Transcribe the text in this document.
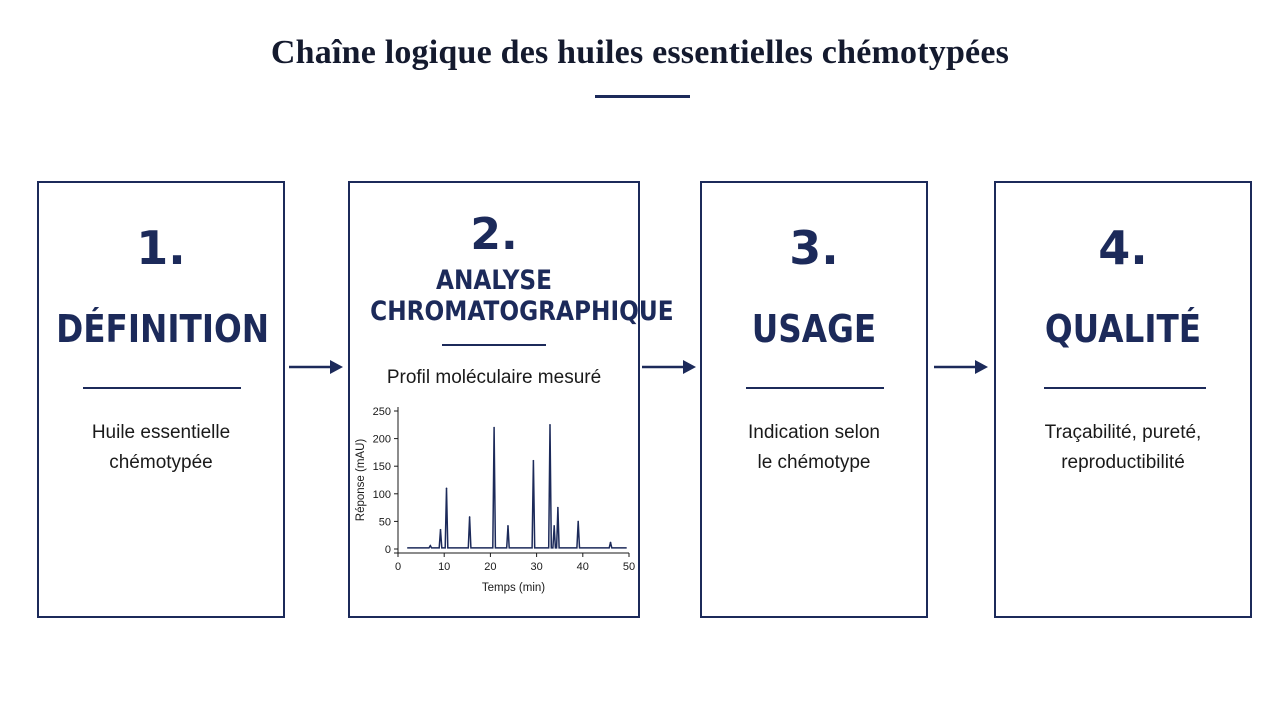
Chaîne logique des huiles essentielles chémotypées
1.
DÉFINITION
Huile essentielle
chémotypée
2.
ANALYSE
CHROMATOGRAPHIQUE
Profil moléculaire mesuré
0
50
100
150
200
250
0	10	20	30	40	50
Temps (min)
Réponse (mAU)
3.
USAGE
Indication selon
le chémotype
4.
QUALITÉ
Traçabilité, pureté,
reproductibilité
